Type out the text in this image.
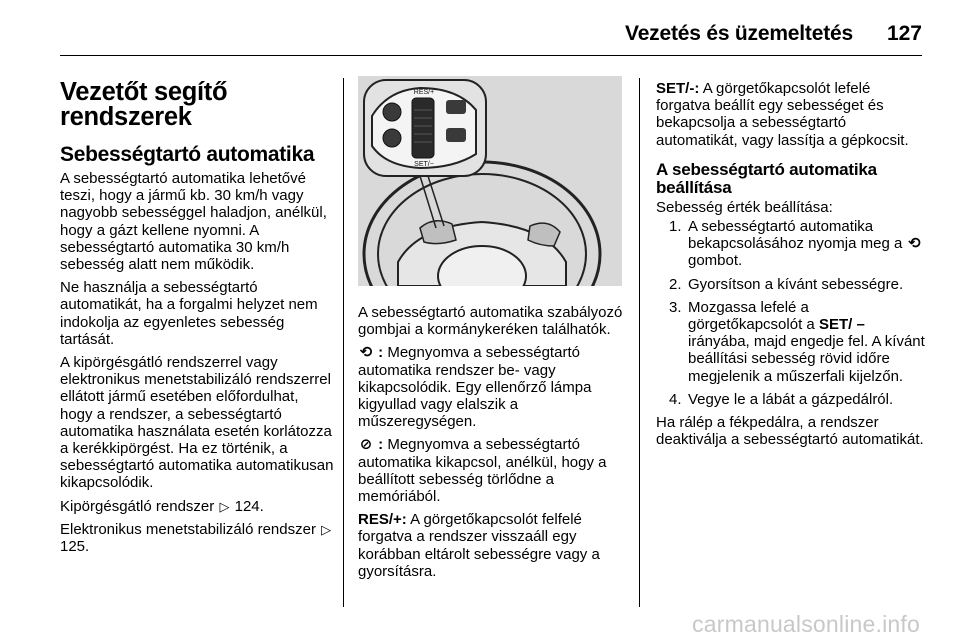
Vezetés és üzemeltetés 127
Vezetőt segítő rendszerek
Sebességtartó automatika

A sebességtartó automatika lehetővé teszi, hogy a jármű kb. 30 km/h vagy nagyobb sebességgel haladjon, anélkül, hogy a gázt kellene nyomni. A sebességtartó automatika 30 km/h sebesség alatt nem működik.

Ne használja a sebességtartó automatikát, ha a forgalmi helyzet nem indokolja az egyenletes sebesség tartását.

A kipörgésgátló rendszerrel vagy elektronikus menetstabilizáló rendszerrel ellátott jármű esetében előfordulhat, hogy a rendszer, a sebességtartó automatika használata esetén korlátozza a kerékkipörgést. Ha ez történik, a sebességtartó automatika automatikusan kikapcsolódik.

Kipörgésgátló rendszer ▷ 124.

Elektronikus menetstabilizáló rendszer ▷ 125.

RES/+
SET/−

A sebességtartó automatika szabályozó gombjai a kormánykeréken találhatók.

⟲ : Megnyomva a sebességtartó automatika rendszer be- vagy kikapcsolódik. Egy ellenőrző lámpa kigyullad vagy elalszik a műszeregységen.

⊘ : Megnyomva a sebességtartó automatika kikapcsol, anélkül, hogy a beállított sebesség törlődne a memóriából.

RES/+: A görgetőkapcsolót felfelé forgatva a rendszer visszaáll egy korábban eltárolt sebességre vagy a gyorsításra.

SET/-: A görgetőkapcsolót lefelé forgatva beállít egy sebességet és bekapcsolja a sebességtartó automatikát, vagy lassítja a gépkocsit.

A sebességtartó automatika beállítása

Sebesség érték beállítása:

1. A sebességtartó automatika bekapcsolásához nyomja meg a ⟲ gombot.
2. Gyorsítson a kívánt sebességre.
3. Mozgassa lefelé a görgetőkapcsolót a SET/ – irányába, majd engedje fel. A kívánt beállítási sebesség rövid időre megjelenik a műszerfali kijelzőn.
4. Vegye le a lábát a gázpedálról.

Ha rálép a fékpedálra, a rendszer deaktiválja a sebességtartó automatikát.

carmanualsonline.info
